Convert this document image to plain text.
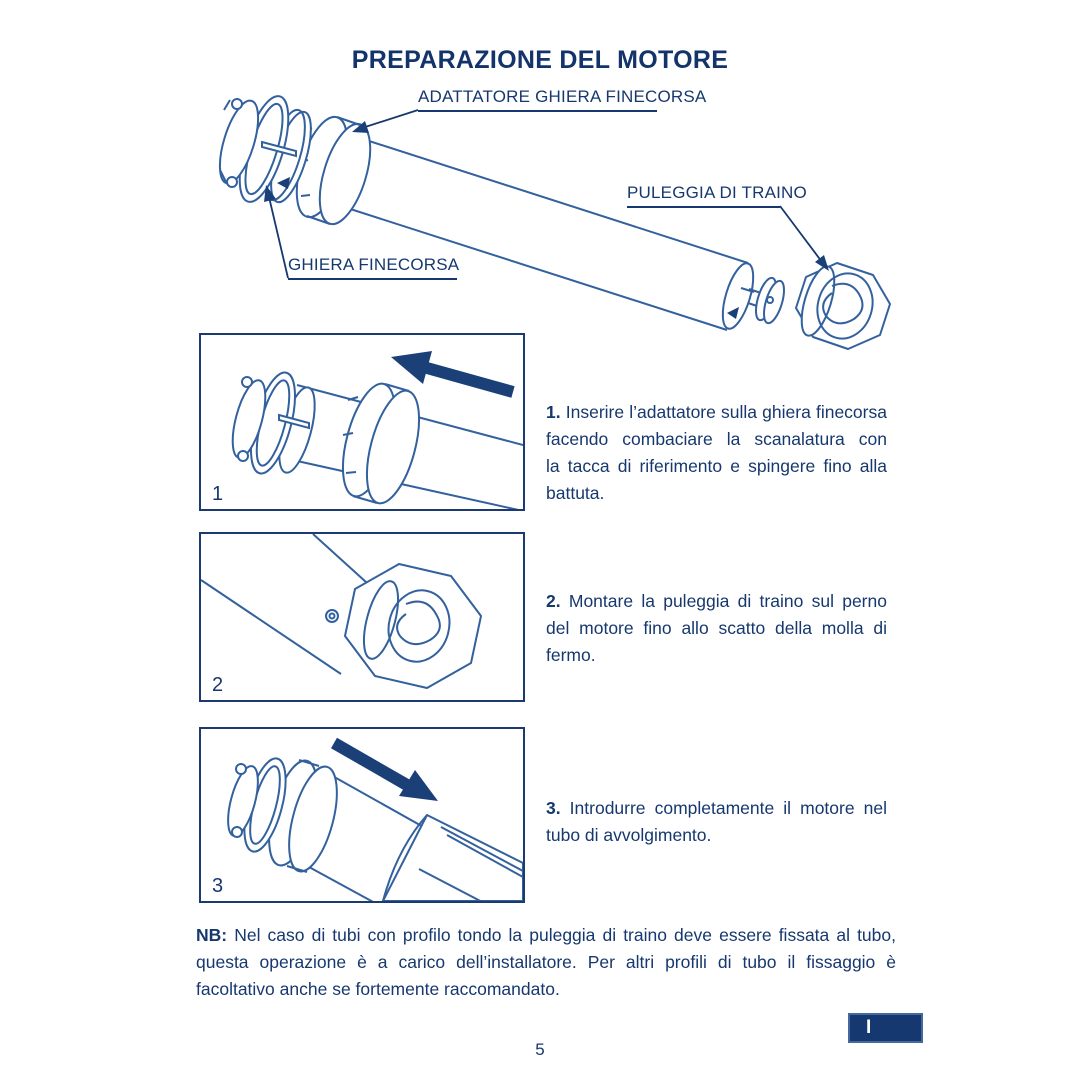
PREPARAZIONE DEL MOTORE
ADATTATORE GHIERA FINECORSA
PULEGGIA DI TRAINO
GHIERA FINECORSA
1
2
3
1. Inserire l’adattatore sulla ghiera finecorsa
facendo combaciare la scanalatura con
la tacca di riferimento e spingere fino alla
battuta.
2. Montare la puleggia di traino sul perno
del motore fino allo scatto della molla di
fermo.
3. Introdurre completamente il motore nel
tubo di avvolgimento.
NB: Nel caso di tubi con profilo tondo la puleggia di traino deve essere fissata al tubo,
questa operazione è a carico dell’installatore. Per altri profili di tubo il fissaggio è
facoltativo anche se fortemente raccomandato.
5
I
